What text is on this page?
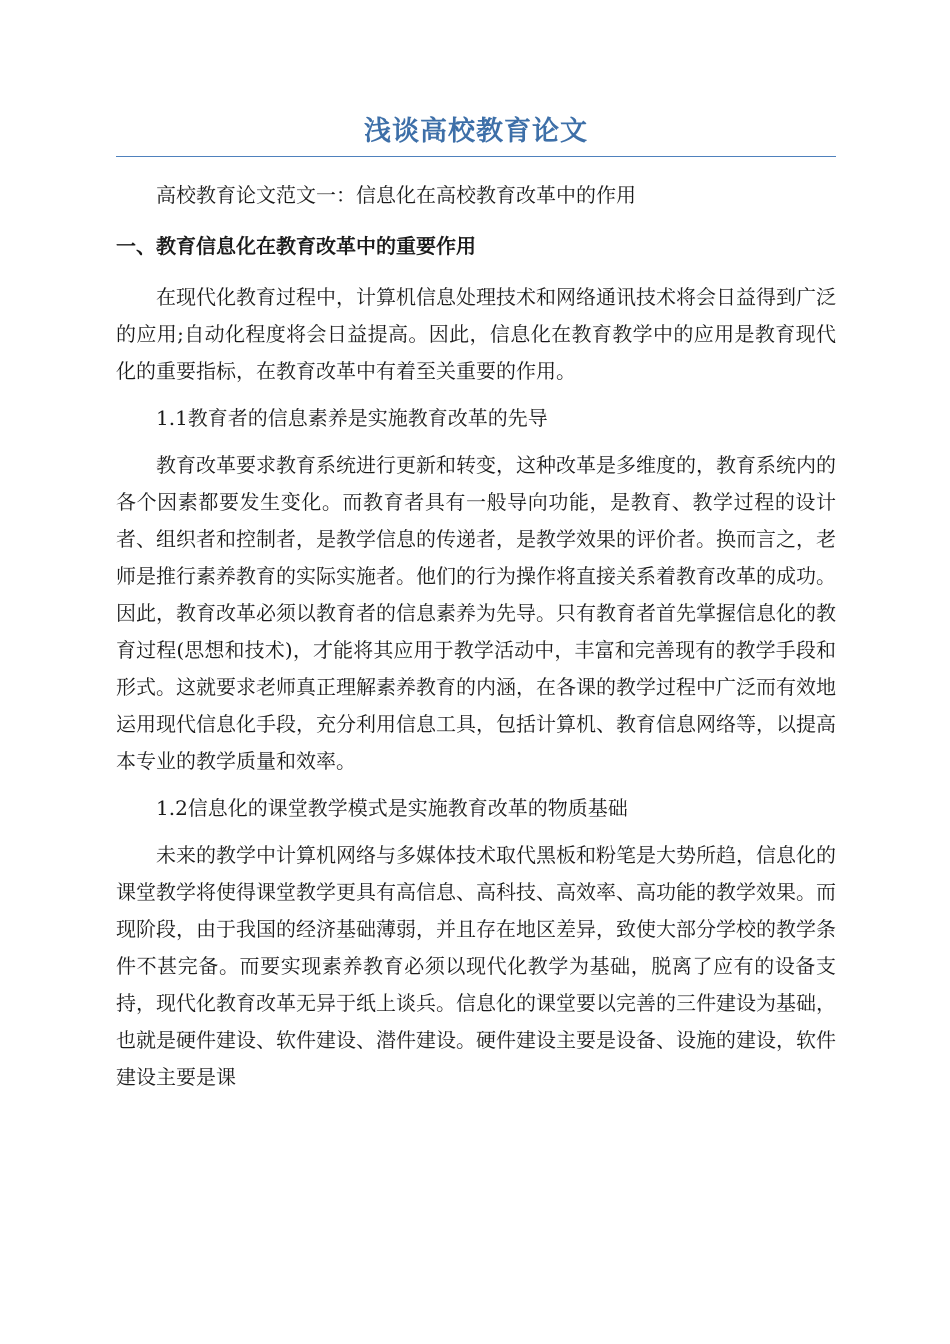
浅谈高校教育论文

高校教育论文范文一：信息化在高校教育改革中的作用

一、教育信息化在教育改革中的重要作用

在现代化教育过程中，计算机信息处理技术和网络通讯技术将会日益得到广泛的应用;自动化程度将会日益提高。因此，信息化在教育教学中的应用是教育现代化的重要指标，在教育改革中有着至关重要的作用。

1.1教育者的信息素养是实施教育改革的先导

教育改革要求教育系统进行更新和转变，这种改革是多维度的，教育系统内的各个因素都要发生变化。而教育者具有一般导向功能，是教育、教学过程的设计者、组织者和控制者，是教学信息的传递者，是教学效果的评价者。换而言之，老师是推行素养教育的实际实施者。他们的行为操作将直接关系着教育改革的成功。因此，教育改革必须以教育者的信息素养为先导。只有教育者首先掌握信息化的教育过程(思想和技术)，才能将其应用于教学活动中，丰富和完善现有的教学手段和形式。这就要求老师真正理解素养教育的内涵，在各课的教学过程中广泛而有效地运用现代信息化手段，充分利用信息工具，包括计算机、教育信息网络等，以提高本专业的教学质量和效率。

1.2信息化的课堂教学模式是实施教育改革的物质基础

未来的教学中计算机网络与多媒体技术取代黑板和粉笔是大势所趋，信息化的课堂教学将使得课堂教学更具有高信息、高科技、高效率、高功能的教学效果。而现阶段，由于我国的经济基础薄弱，并且存在地区差异，致使大部分学校的教学条件不甚完备。而要实现素养教育必须以现代化教学为基础，脱离了应有的设备支持，现代化教育改革无异于纸上谈兵。信息化的课堂要以完善的三件建设为基础，也就是硬件建设、软件建设、潜件建设。硬件建设主要是设备、设施的建设，软件建设主要是课
